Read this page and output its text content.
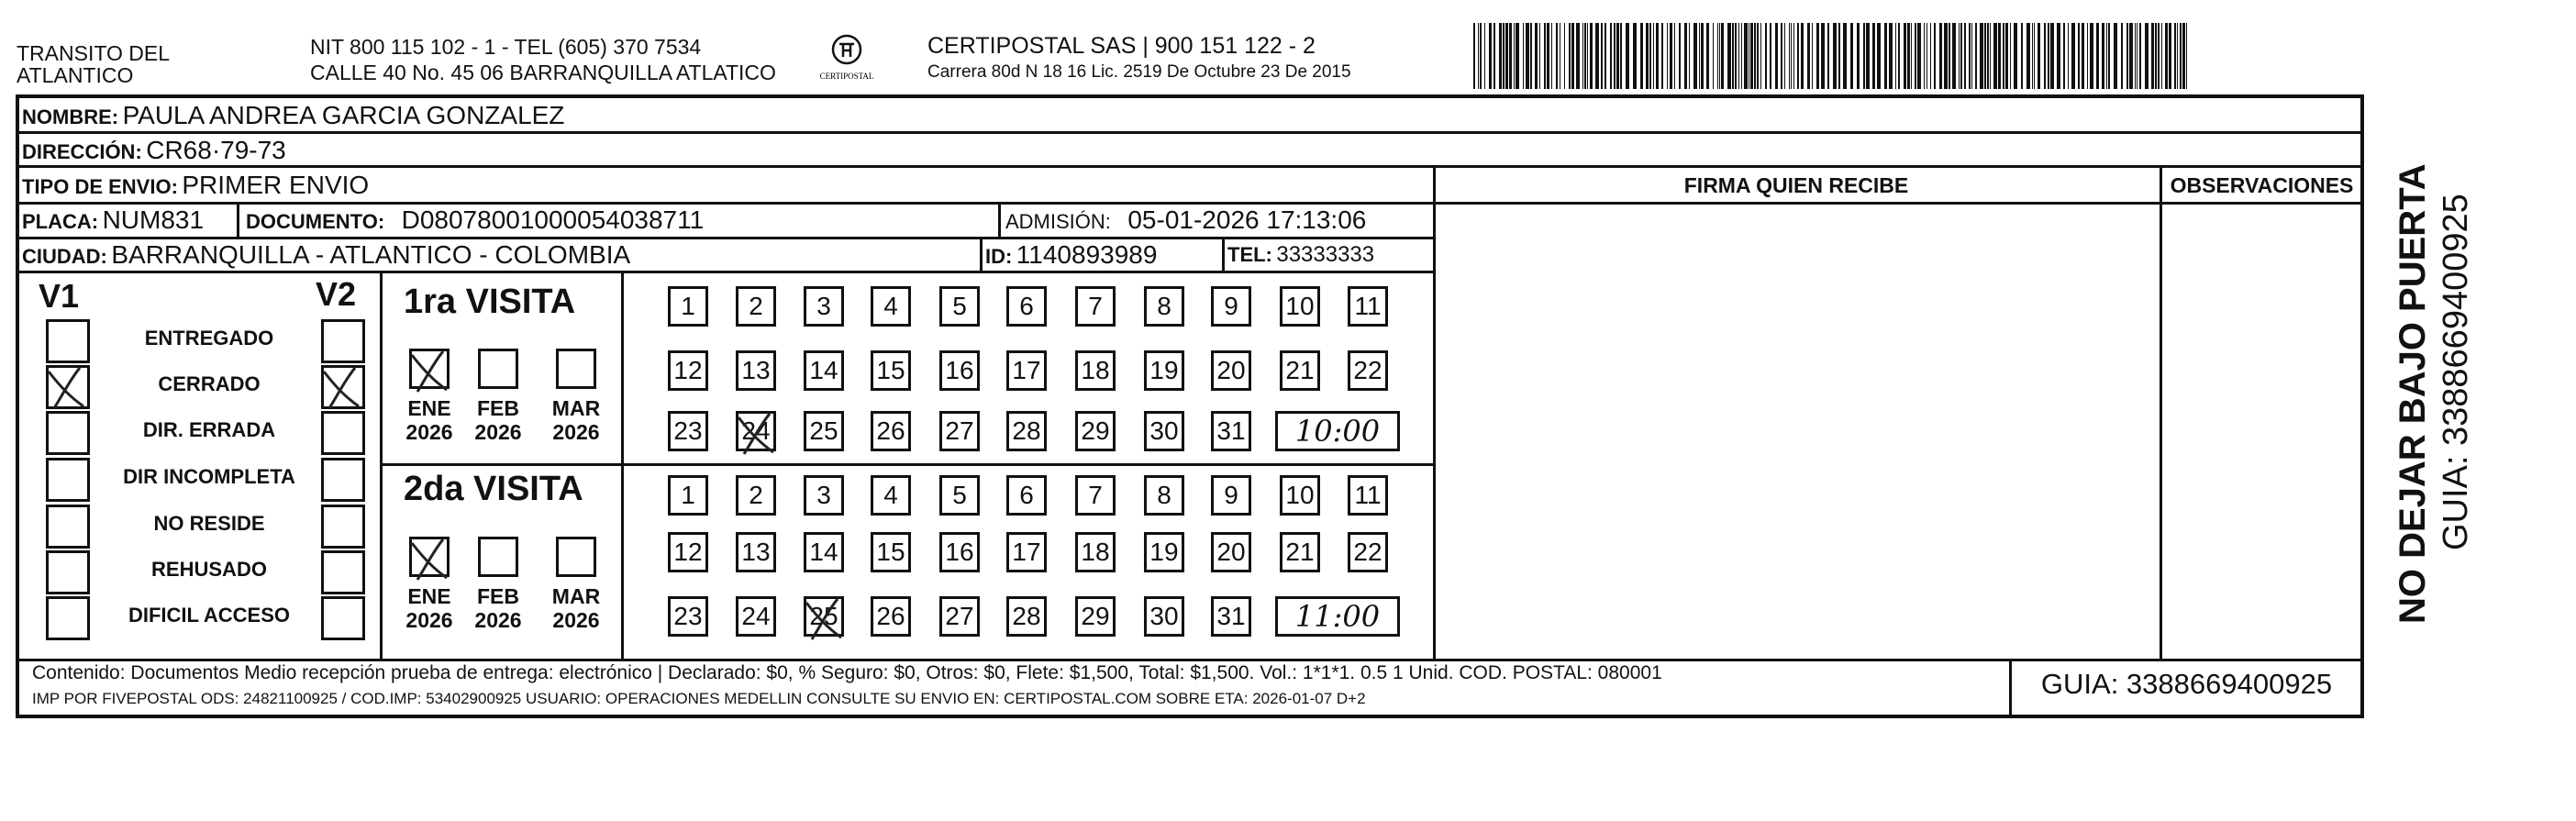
TRANSITO DEL
ATLANTICO
NIT 800 115 102 - 1 - TEL (605) 370 7534
CALLE 40 No. 45 06 BARRANQUILLA ATLATICO	CERTIPOSTAL
CERTIPOSTAL SAS | 900 151 122 - 2
Carrera 80d N 18 16 Lic. 2519 De Octubre 23 De 2015
NOMBRE: PAULA ANDREA GARCIA GONZALEZ
DIRECCIÓN: CR68·79-73
TIPO DE ENVIO: PRIMER ENVIO
PLACA: NUM831 DOCUMENTO: D08078001000054038711	ADMISIÓN: 05-01-2026 17:13:06
CIUDAD: BARRANQUILLA - ATLANTICO - COLOMBIA	ID: 1140893989	TEL: 33333333
FIRMA QUIEN RECIBE	OBSERVACIONES
V1	V2 1ra VISITA
2da VISITA
Contenido: Documentos Medio recepción prueba de entrega: electrónico | Declarado: $0, % Seguro: $0, Otros: $0, Flete: $1,500, Total: $1,500. Vol.: 1*1*1. 0.5 1 Unid. COD. POSTAL: 080001
IMP POR FIVEPOSTAL ODS: 24821100925 / COD.IMP: 53402900925 USUARIO: OPERACIONES MEDELLIN CONSULTE SU ENVIO EN: CERTIPOSTAL.COM SOBRE ETA: 2026-01-07 D+2	GUIA: 3388669400925
NO DEJAR BAJO PUERTA GUIA: 3388669400925
ENTREGADO
CERRADO
DIR. ERRADA
DIR INCOMPLETA
NO RESIDE
REHUSADO
DIFICIL ACCESO
ENE
2026
FEB
2026
MAR
2026
ENE
2026
FEB
2026
MAR
2026
1	2	3	4	5	6	7	8	9	10 11
12 13 14 15 16 17 18 19 20 21 22
23 24 25 26 27 28 29 30 31	10:00
1	2	3	4	5	6	7	8	9	10 11
12 13 14 15 16 17 18 19 20 21 22
23 24 25 26 27 28 29 30 31	11:00
